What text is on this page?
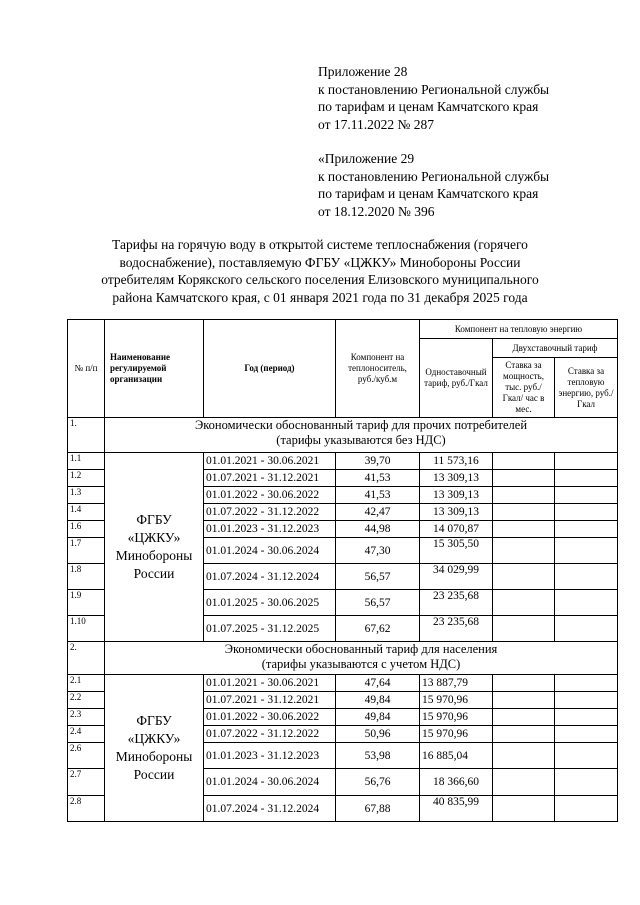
Приложение 28
к постановлению Региональной службы
по тарифам и ценам Камчатского края
от 17.11.2022 № 287
«Приложение 29
к постановлению Региональной службы
по тарифам и ценам Камчатского края
от 18.12.2020 № 396
Тарифы на горячую воду в открытой системе теплоснабжения (горячего
водоснабжение), поставляемую ФГБУ «ЦЖКУ» Минобороны России
отребителям Корякского сельского поселения Елизовского муниципального
района Камчатского края, с 01 января 2021 года по 31 декабря 2025 года
№ п/п	Наименование регулируемой организации	Год (период)	Компонент на теплоноситель, руб./куб.м	Компонент на тепловую энергию		
				Одноставочный тариф, руб./Гкал	Двухставочный тариф	
					Ставка за мощность, тыс. руб./Гкал/ час в мес.	Ставка за тепловую энергию, руб./Гкал
1.	Экономически обоснованный тариф для прочих потребителей
(тарифы указываются без НДС)					

1.1	ФГБУ
«ЦЖКУ»
Минобороны
России	01.01.2021 - 30.06.2021	39,70	11 573,16		
1.2		01.07.2021 - 31.12.2021	41,53	13 309,13		
1.3		01.01.2022 - 30.06.2022	41,53	13 309,13		
1.4		01.07.2022 - 31.12.2022	42,47	13 309,13		
1.6		01.01.2023 - 31.12.2023	44,98	14 070,87		
1.7		01.01.2024 - 30.06.2024	47,30	15 305,50		
1.8		01.07.2024 - 31.12.2024	56,57	34 029,99		
1.9		01.01.2025 - 30.06.2025	56,57	23 235,68		
1.10		01.07.2025 - 31.12.2025	67,62	23 235,68		
2.	Экономически обоснованный тариф для населения
(тарифы указываются с учетом НДС)					

2.1	ФГБУ
«ЦЖКУ»
Минобороны
России	01.01.2021 - 30.06.2021	47,64	13 887,79		
2.2		01.07.2021 - 31.12.2021	49,84	15 970,96		
2.3		01.01.2022 - 30.06.2022	49,84	15 970,96		
2.4		01.07.2022 - 31.12.2022	50,96	15 970,96		
2.6		01.01.2023 - 31.12.2023	53,98	16 885,04		
2.7		01.01.2024 - 30.06.2024	56,76	18 366,60		
2.8		01.07.2024 - 31.12.2024	67,88	40 835,99		
